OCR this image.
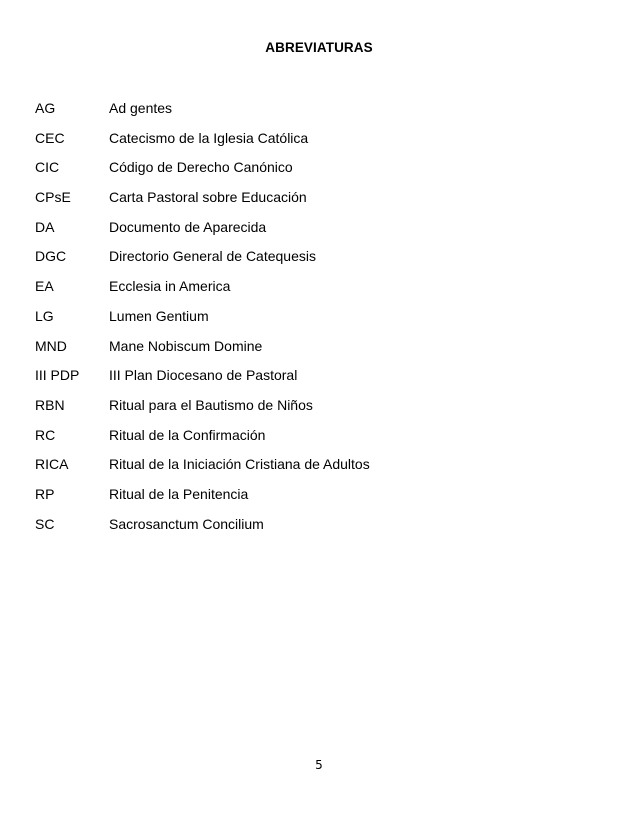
ABREVIATURAS
AG	Ad gentes
CEC	Catecismo de la Iglesia Católica
CIC	Código de Derecho Canónico
CPsE	Carta Pastoral sobre Educación
DA	Documento de Aparecida
DGC	Directorio General de Catequesis
EA	Ecclesia in America
LG	Lumen Gentium
MND	Mane Nobiscum Domine
III PDP	III Plan Diocesano de Pastoral
RBN	Ritual para el Bautismo de Niños
RC	Ritual de la Confirmación
RICA	Ritual de la Iniciación Cristiana de Adultos
RP	Ritual de la Penitencia
SC	Sacrosanctum Concilium
5
